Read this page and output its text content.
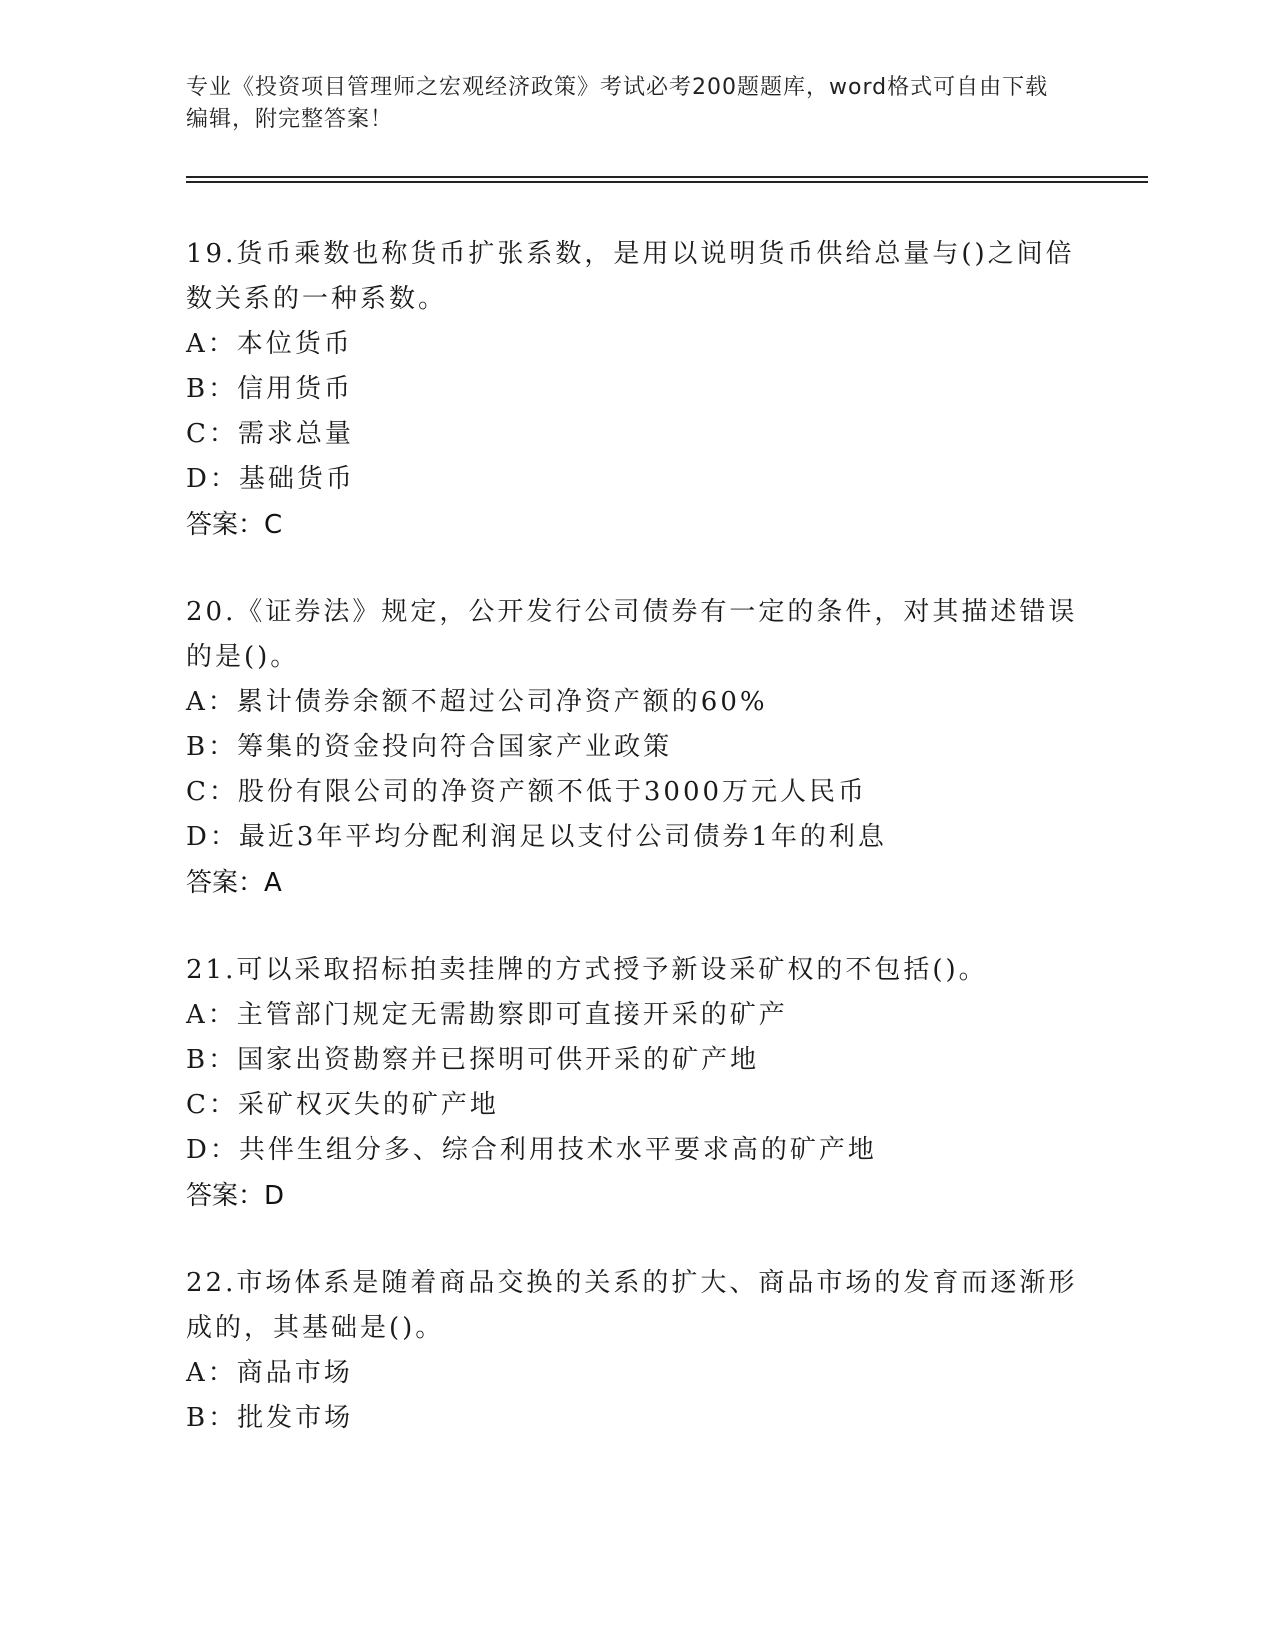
专业《投资项目管理师之宏观经济政策》考试必考200题题库，word格式可自由下载编辑，附完整答案！

19.货币乘数也称货币扩张系数，是用以说明货币供给总量与()之间倍数关系的一种系数。

A：本位货币

B：信用货币

C：需求总量

D：基础货币

答案：C

20.《证券法》规定，公开发行公司债券有一定的条件，对其描述错误的是()。

A：累计债券余额不超过公司净资产额的60%

B：筹集的资金投向符合国家产业政策

C：股份有限公司的净资产额不低于3000万元人民币

D：最近3年平均分配利润足以支付公司债券1年的利息

答案：A

21.可以采取招标拍卖挂牌的方式授予新设采矿权的不包括()。

A：主管部门规定无需勘察即可直接开采的矿产

B：国家出资勘察并已探明可供开采的矿产地

C：采矿权灭失的矿产地

D：共伴生组分多、综合利用技术水平要求高的矿产地

答案：D

22.市场体系是随着商品交换的关系的扩大、商品市场的发育而逐渐形成的，其基础是()。

A：商品市场

B：批发市场
